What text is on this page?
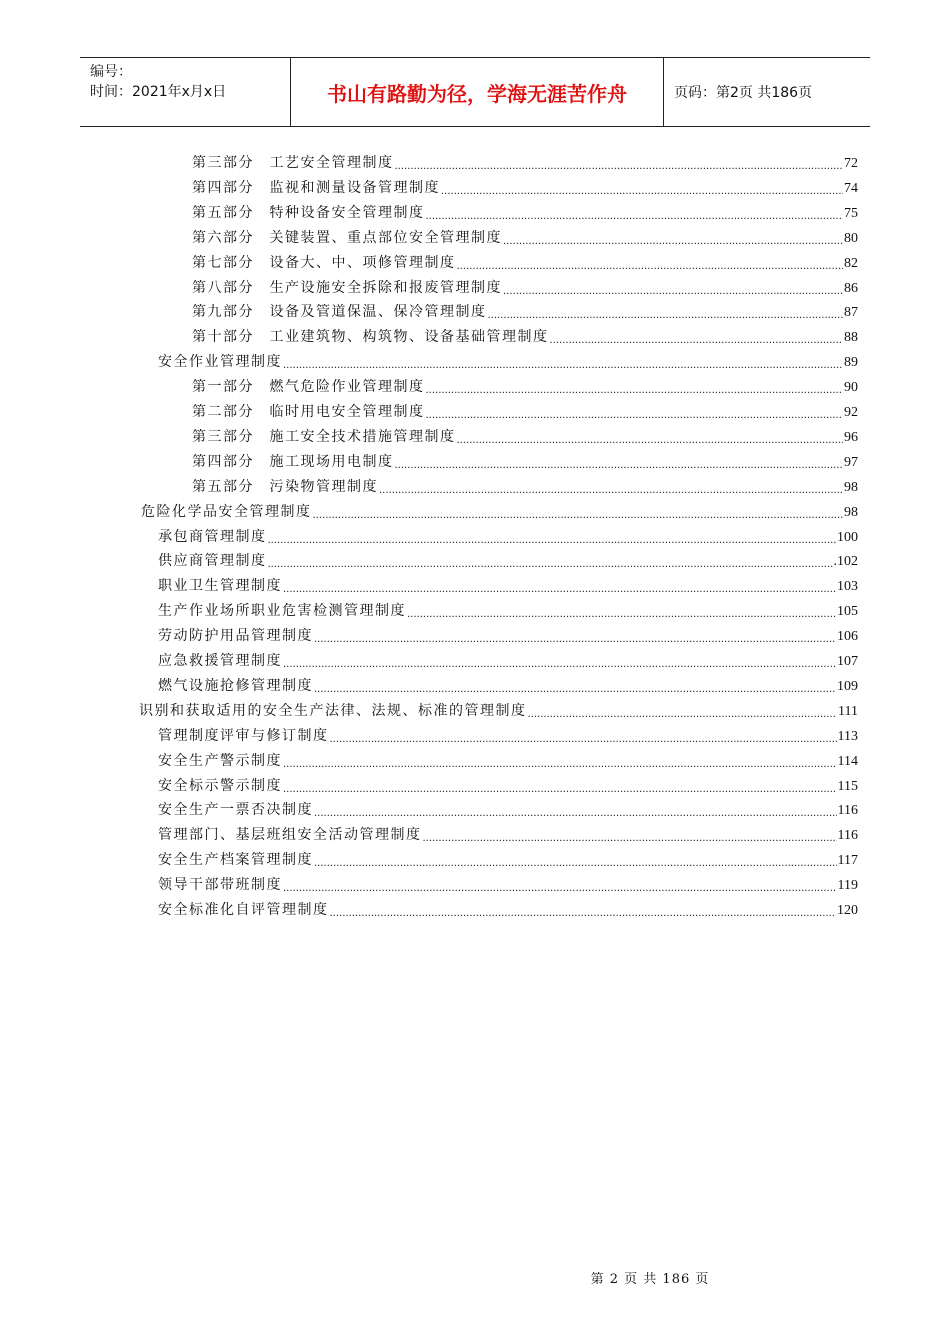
编号：
时间：2021年x月x日	书山有路勤为径，学海无涯苦作舟	页码：第2页 共186页
第三部分　工艺安全管理制度 .....	72
第四部分　监视和测量设备管理制度 .....	74
第五部分　特种设备安全管理制度 .....	75
第六部分　关键装置、重点部位安全管理制度 .....	80
第七部分　设备大、中、项修管理制度 .....	82
第八部分　生产设施安全拆除和报废管理制度 .....	86
第九部分　设备及管道保温、保冷管理制度 .....	87
第十部分　工业建筑物、构筑物、设备基础管理制度 .....	88
安全作业管理制度 .....	89
第一部分　燃气危险作业管理制度 .....	90
第二部分　临时用电安全管理制度 .....	92
第三部分　施工安全技术措施管理制度 .....	96
第四部分　施工现场用电制度 .....	97
第五部分　污染物管理制度 .....	98
危险化学品安全管理制度 .....	98
承包商管理制度 .....	100
供应商管理制度 .....	.102
职业卫生管理制度 .....	103
生产作业场所职业危害检测管理制度 .....	105
劳动防护用品管理制度 .....	106
应急救援管理制度 .....	107
燃气设施抢修管理制度 .....	109
识别和获取适用的安全生产法律、法规、标准的管理制度 .....	111
管理制度评审与修订制度 .....	113
安全生产警示制度 .....	114
安全标示警示制度 .....	115
安全生产一票否决制度 .....	116
管理部门、基层班组安全活动管理制度 .....	116
安全生产档案管理制度 .....	117
领导干部带班制度 .....	119
安全标准化自评管理制度 .....	120
第 2 页 共 186 页
